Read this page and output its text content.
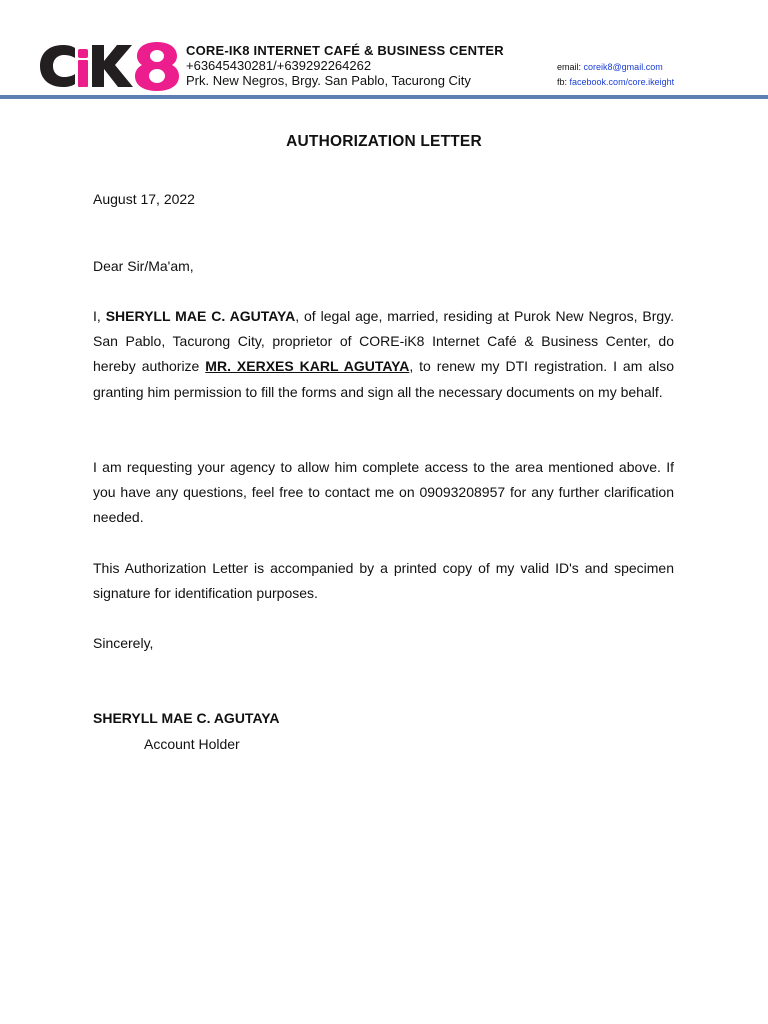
CORE-IK8 INTERNET CAFÉ & BUSINESS CENTER
+63645430281/+639292264262
Prk. New Negros, Brgy. San Pablo, Tacurong City
email: coreik8@gmail.com
fb: facebook.com/core.ikeight
AUTHORIZATION LETTER
August 17, 2022
Dear Sir/Ma'am,
I, SHERYLL MAE C. AGUTAYA, of legal age, married, residing at Purok New Negros, Brgy. San Pablo, Tacurong City, proprietor of CORE-iK8 Internet Café & Business Center, do hereby authorize MR. XERXES KARL AGUTAYA, to renew my DTI registration. I am also granting him permission to fill the forms and sign all the necessary documents on my behalf.
I am requesting your agency to allow him complete access to the area mentioned above. If you have any questions, feel free to contact me on 09093208957 for any further clarification needed.
This Authorization Letter is accompanied by a printed copy of my valid ID's and specimen signature for identification purposes.
Sincerely,
SHERYLL MAE C. AGUTAYA
Account Holder
